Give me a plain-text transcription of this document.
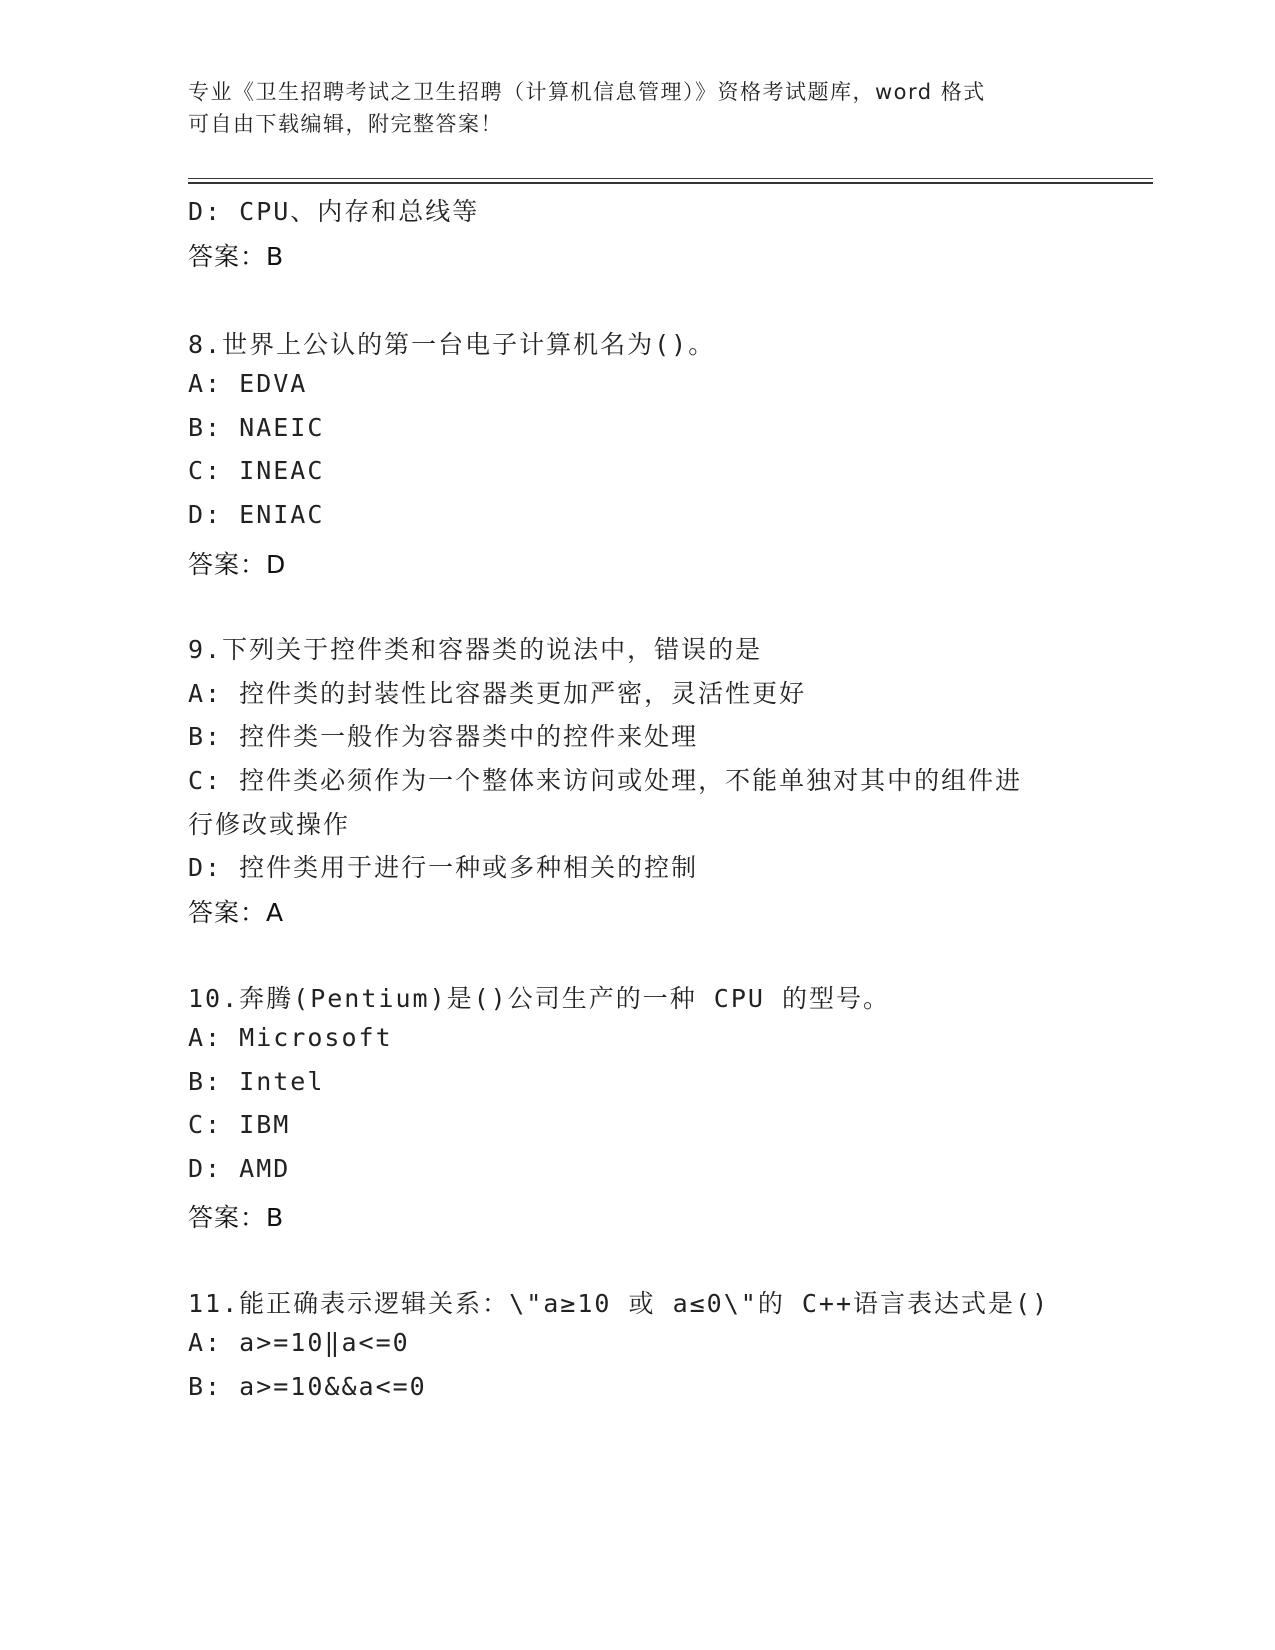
专业《卫生招聘考试之卫生招聘（计算机信息管理）》资格考试题库，word 格式
可自由下载编辑，附完整答案！
D: CPU、内存和总线等
答案：B
8.世界上公认的第一台电子计算机名为()。
A: EDVA
B: NAEIC
C: INEAC
D: ENIAC
答案：D
9.下列关于控件类和容器类的说法中，错误的是
A: 控件类的封装性比容器类更加严密，灵活性更好
B: 控件类一般作为容器类中的控件来处理
C: 控件类必须作为一个整体来访问或处理，不能单独对其中的组件进
行修改或操作
D: 控件类用于进行一种或多种相关的控制
答案：A
10.奔腾(Pentium)是()公司生产的一种 CPU 的型号。
A: Microsoft
B: Intel
C: IBM
D: AMD
答案：B
11.能正确表示逻辑关系：\"a≥10 或 a≤0\"的 C++语言表达式是()
A: a>=10‖a<=0
B: a>=10&&a<=0
